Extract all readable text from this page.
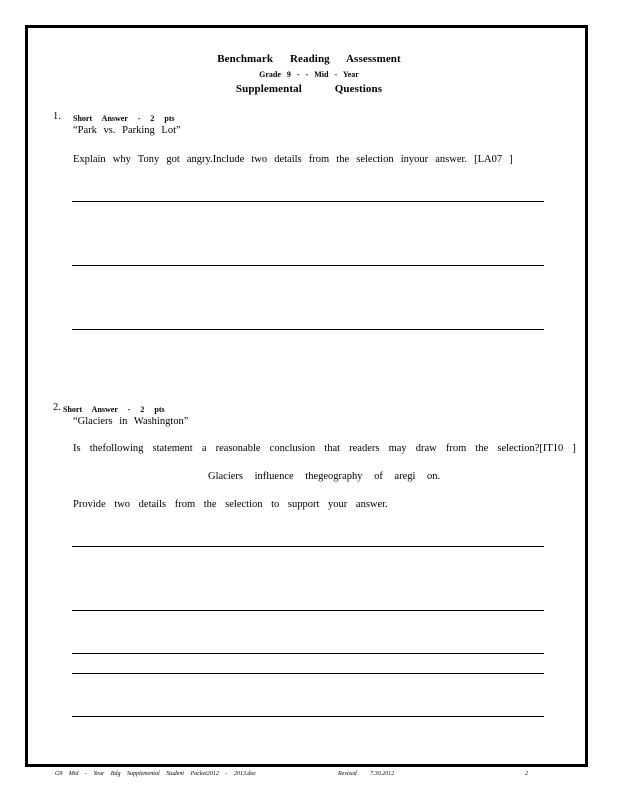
Benchmark Reading Assessment
Grade 9 - - Mid - Year
Supplemental Questions
1. Short Answer - 2 pts
“Park vs. Parking Lot”
Explain why Tony got angry.Include two details from the selection inyour answer. [LA07 ]
2. Short Answer - 2 pts
“Glaciers in Washington”
Is thefollowing statement a reasonable conclusion that readers may draw from the selection?[IT10 ]
Glaciers influence thegeography of aregi on.
Provide two details from the selection to support your answer.
G9 Mid - Year Bdg Supplemental Student Packet2012 - 2013.doc	Revised 7.30.2012	2
